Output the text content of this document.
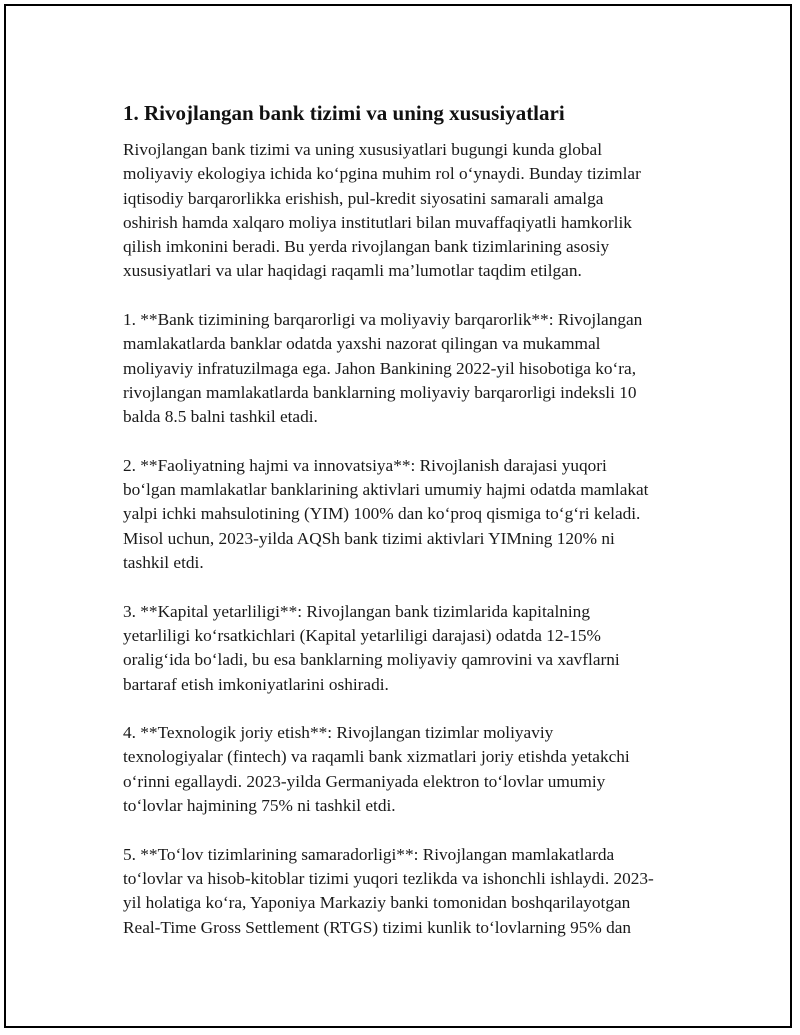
1. Rivojlangan bank tizimi va uning xususiyatlari

Rivojlangan bank tizimi va uning xususiyatlari bugungi kunda global
moliyaviy ekologiya ichida ko‘pgina muhim rol o‘ynaydi. Bunday tizimlar
iqtisodiy barqarorlikka erishish, pul-kredit siyosatini samarali amalga
oshirish hamda xalqaro moliya institutlari bilan muvaffaqiyatli hamkorlik
qilish imkonini beradi. Bu yerda rivojlangan bank tizimlarining asosiy
xususiyatlari va ular haqidagi raqamli ma’lumotlar taqdim etilgan.

1. **Bank tizimining barqarorligi va moliyaviy barqarorlik**: Rivojlangan
mamlakatlarda banklar odatda yaxshi nazorat qilingan va mukammal
moliyaviy infratuzilmaga ega. Jahon Bankining 2022-yil hisobotiga ko‘ra,
rivojlangan mamlakatlarda banklarning moliyaviy barqarorligi indeksli 10
balda 8.5 balni tashkil etadi.

2. **Faoliyatning hajmi va innovatsiya**: Rivojlanish darajasi yuqori
bo‘lgan mamlakatlar banklarining aktivlari umumiy hajmi odatda mamlakat
yalpi ichki mahsulotining (YIM) 100% dan ko‘proq qismiga to‘g‘ri keladi.
Misol uchun, 2023-yilda AQSh bank tizimi aktivlari YIMning 120% ni
tashkil etdi.

3. **Kapital yetarliligi**: Rivojlangan bank tizimlarida kapitalning
yetarliligi ko‘rsatkichlari (Kapital yetarliligi darajasi) odatda 12-15%
oralig‘ida bo‘ladi, bu esa banklarning moliyaviy qamrovini va xavflarni
bartaraf etish imkoniyatlarini oshiradi.

4. **Texnologik joriy etish**: Rivojlangan tizimlar moliyaviy
texnologiyalar (fintech) va raqamli bank xizmatlari joriy etishda yetakchi
o‘rinni egallaydi. 2023-yilda Germaniyada elektron to‘lovlar umumiy
to‘lovlar hajmining 75% ni tashkil etdi.

5. **To‘lov tizimlarining samaradorligi**: Rivojlangan mamlakatlarda
to‘lovlar va hisob-kitoblar tizimi yuqori tezlikda va ishonchli ishlaydi. 2023-
yil holatiga ko‘ra, Yaponiya Markaziy banki tomonidan boshqarilayotgan
Real-Time Gross Settlement (RTGS) tizimi kunlik to‘lovlarning 95% dan
